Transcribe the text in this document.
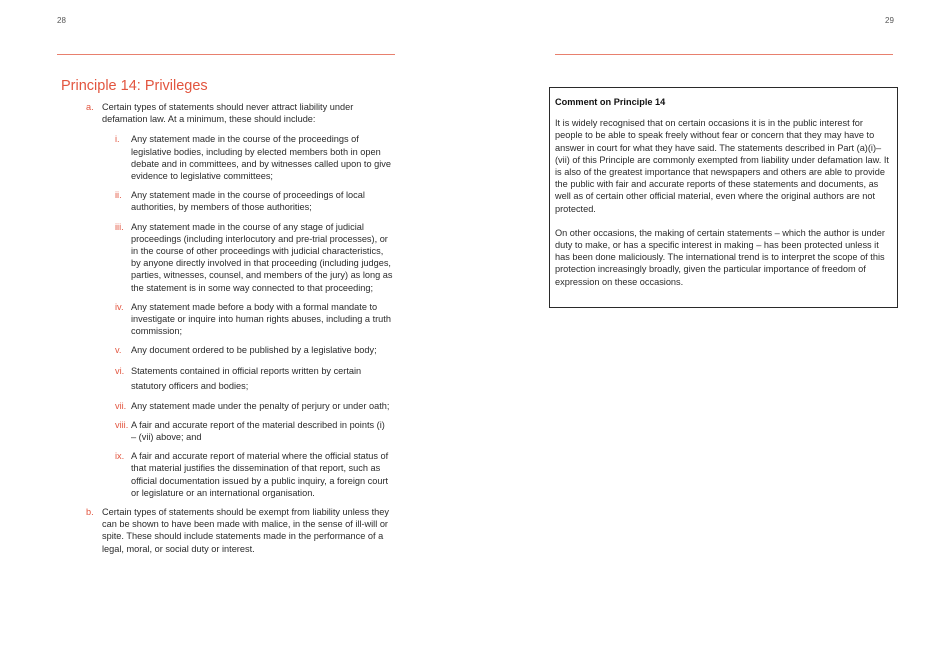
28
Principle 14: Privileges
a. Certain types of statements should never attract liability under
defamation law. At a minimum, these should include:
i. Any statement made in the course of the proceedings of
legislative bodies, including by elected members both in open
debate and in committees, and by witnesses called upon to give
evidence to legislative committees;
ii. Any statement made in the course of proceedings of local
authorities, by members of those authorities;
iii. Any statement made in the course of any stage of judicial
proceedings (including interlocutory and pre-trial processes), or
in the course of other proceedings with judicial characteristics,
by anyone directly involved in that proceeding (including judges,
parties, witnesses, counsel, and members of the jury) as long as
the statement is in some way connected to that proceeding;
iv. Any statement made before a body with a formal mandate to
investigate or inquire into human rights abuses, including a truth
commission;
v. Any document ordered to be published by a legislative body;
vi. Statements contained in official reports written by certain
statutory officers and bodies;
vii. Any statement made under the penalty of perjury or under oath;
viii. A fair and accurate report of the material described in points (i)
– (vii) above; and
ix. A fair and accurate report of material where the official status of
that material justifies the dissemination of that report, such as
official documentation issued by a public inquiry, a foreign court
or legislature or an international organisation.
b. Certain types of statements should be exempt from liability unless they
can be shown to have been made with malice, in the sense of ill-will or
spite. These should include statements made in the performance of a
legal, moral, or social duty or interest.
29
Comment on Principle 14

It is widely recognised that on certain occasions it is in the public interest for people to be able to speak freely without fear or concern that they may have to answer in court for what they have said. The statements described in Part (a)(i)–(vii) of this Principle are commonly exempted from liability under defamation law. It is also of the greatest importance that newspapers and others are able to provide the public with fair and accurate reports of these statements and documents, as well as of certain other official material, even where the original authors are not protected.

On other occasions, the making of certain statements – which the author is under duty to make, or has a specific interest in making – has been protected unless it has been done maliciously. The international trend is to interpret the scope of this protection increasingly broadly, given the particular importance of freedom of expression on these occasions.
